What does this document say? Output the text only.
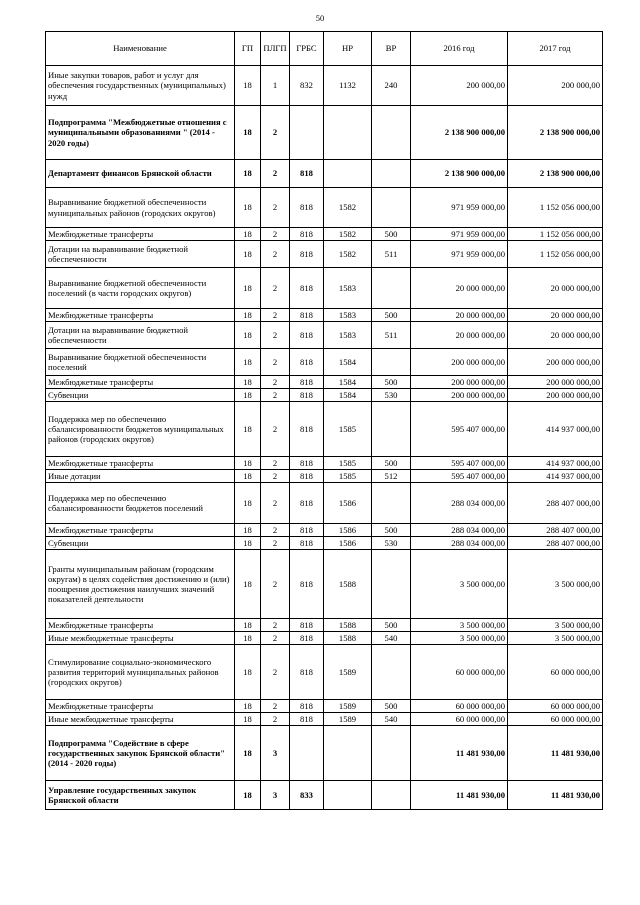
50
Наименование	ГП	ПЛГП	ГРБС	НР	ВР	2016 год	2017 год
Иные закупки товаров, работ и услуг для обеспечения государственных (муниципальных) нужд	18	1	832	1132	240	200 000,00	200 000,00
Подпрограмма "Межбюджетные отношения с муниципальными образованиями " (2014 - 2020 годы)	18	2				2 138 900 000,00	2 138 900 000,00
Департамент финансов Брянской области	18	2	818			2 138 900 000,00	2 138 900 000,00
Выравнивание бюджетной обеспеченности муниципальных районов (городских округов)	18	2	818	1582		971 959 000,00	1 152 056 000,00
Межбюджетные трансферты	18	2	818	1582	500	971 959 000,00	1 152 056 000,00
Дотации на выравнивание бюджетной обеспеченности	18	2	818	1582	511	971 959 000,00	1 152 056 000,00
Выравнивание бюджетной обеспеченности поселений (в части городских округов)	18	2	818	1583		20 000 000,00	20 000 000,00
Межбюджетные трансферты	18	2	818	1583	500	20 000 000,00	20 000 000,00
Дотации на выравнивание бюджетной обеспеченности	18	2	818	1583	511	20 000 000,00	20 000 000,00
Выравнивание бюджетной обеспеченности поселений	18	2	818	1584		200 000 000,00	200 000 000,00
Межбюджетные трансферты	18	2	818	1584	500	200 000 000,00	200 000 000,00
Субвенции	18	2	818	1584	530	200 000 000,00	200 000 000,00
Поддержка мер по обеспечению сбалансированности бюджетов муниципальных районов (городских округов)	18	2	818	1585		595 407 000,00	414 937 000,00
Межбюджетные трансферты	18	2	818	1585	500	595 407 000,00	414 937 000,00
Иные дотации	18	2	818	1585	512	595 407 000,00	414 937 000,00
Поддержка мер по обеспечению сбалансированности бюджетов поселений	18	2	818	1586		288 034 000,00	288 407 000,00
Межбюджетные трансферты	18	2	818	1586	500	288 034 000,00	288 407 000,00
Субвенции	18	2	818	1586	530	288 034 000,00	288 407 000,00
Гранты муниципальным районам (городским округам) в целях содействия достижению и (или) поощрения достижения наилучших значений показателей деятельности	18	2	818	1588		3 500 000,00	3 500 000,00
Межбюджетные трансферты	18	2	818	1588	500	3 500 000,00	3 500 000,00
Иные межбюджетные трансферты	18	2	818	1588	540	3 500 000,00	3 500 000,00
Стимулирование социально-экономического развития территорий муниципальных районов (городских округов)	18	2	818	1589		60 000 000,00	60 000 000,00
Межбюджетные трансферты	18	2	818	1589	500	60 000 000,00	60 000 000,00
Иные межбюджетные трансферты	18	2	818	1589	540	60 000 000,00	60 000 000,00
Подпрограмма "Содействие в сфере государственных закупок Брянской области" (2014 - 2020 годы)	18	3				11 481 930,00	11 481 930,00
Управление государственных закупок Брянской области	18	3	833			11 481 930,00	11 481 930,00
